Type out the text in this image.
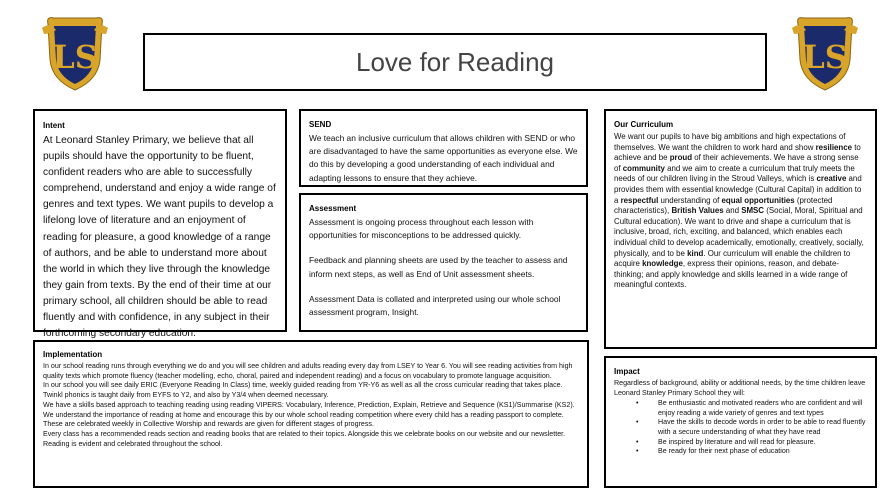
LS	LS
Love for Reading
Intent

At Leonard Stanley Primary, we believe that all pupils should have the opportunity to be fluent, confident readers who are able to successfully comprehend, understand and enjoy a wide range of genres and text types. We want pupils to develop a lifelong love of literature and an enjoyment of reading for pleasure, a good knowledge of a range of authors, and be able to understand more about the world in which they live through the knowledge they gain from texts. By the end of their time at our primary school, all children should be able to read fluently and with confidence, in any subject in their forthcoming secondary education.

SEND

We teach an inclusive curriculum that allows children with SEND or who are disadvantaged to have the same opportunities as everyone else. We do this by developing a good understanding of each individual and adapting lessons to ensure that they achieve.

Assessment

Assessment is ongoing process throughout each lesson with opportunities for misconceptions to be addressed quickly.

Feedback and planning sheets are used by the teacher to assess and inform next steps, as well as End of Unit assessment sheets.

Assessment Data is collated and interpreted using our whole school assessment program, Insight.

Our Curriculum

We want our pupils to have big ambitions and high expectations of themselves. We want the children to work hard and show resilience to achieve and be proud of their achievements. We have a strong sense of community and we aim to create a curriculum that truly meets the needs of our children living in the Stroud Valleys, which is creative and provides them with essential knowledge (Cultural Capital) in addition to a respectful understanding of equal opportunities (protected characteristics), British Values and SMSC (Social, Moral, Spiritual and Cultural education). We want to drive and shape a curriculum that is inclusive, broad, rich, exciting, and balanced, which enables each individual child to develop academically, emotionally, creatively, socially, physically, and to be kind. Our curriculum will enable the children to acquire knowledge, express their opinions, reason, and debate-thinking; and apply knowledge and skills learned in a wide range of meaningful contexts.

Implementation

In our school reading runs through everything we do and you will see children and adults reading every day from LSEY to Year 6. You will see reading activities from high quality texts which promote fluency (teacher modelling, echo, choral, paired and independent reading) and a focus on vocabulary to promote language acquisition.

In our school you will see daily ERIC (Everyone Reading In Class) time, weekly guided reading from YR-Y6 as well as all the cross curricular reading that takes place. Twinkl phonics is taught daily from EYFS to Y2, and also by Y3/4 when deemed necessary.

We have a skills based approach to teaching reading using reading VIPERS: Vocabulary, Inference, Prediction, Explain, Retrieve and Sequence (KS1)/Summarise (KS2).

We understand the importance of reading at home and encourage this by our whole school reading competition where every child has a reading passport to complete. These are celebrated weekly in Collective Worship and rewards are given for different stages of progress.

Every class has a recommended reads section and reading books that are related to their topics. Alongside this we celebrate books on our website and our newsletter. Reading is evident and celebrated throughout the school.

Impact

Regardless of background, ability or additional needs, by the time children leave Leonard Stanley Primary School they will:

• Be enthusiastic and motivated readers who are confident and will enjoy reading a wide variety of genres and text types
• Have the skills to decode words in order to be able to read fluently with a secure understanding of what they have read
• Be inspired by literature and will read for pleasure.
• Be ready for their next phase of education
